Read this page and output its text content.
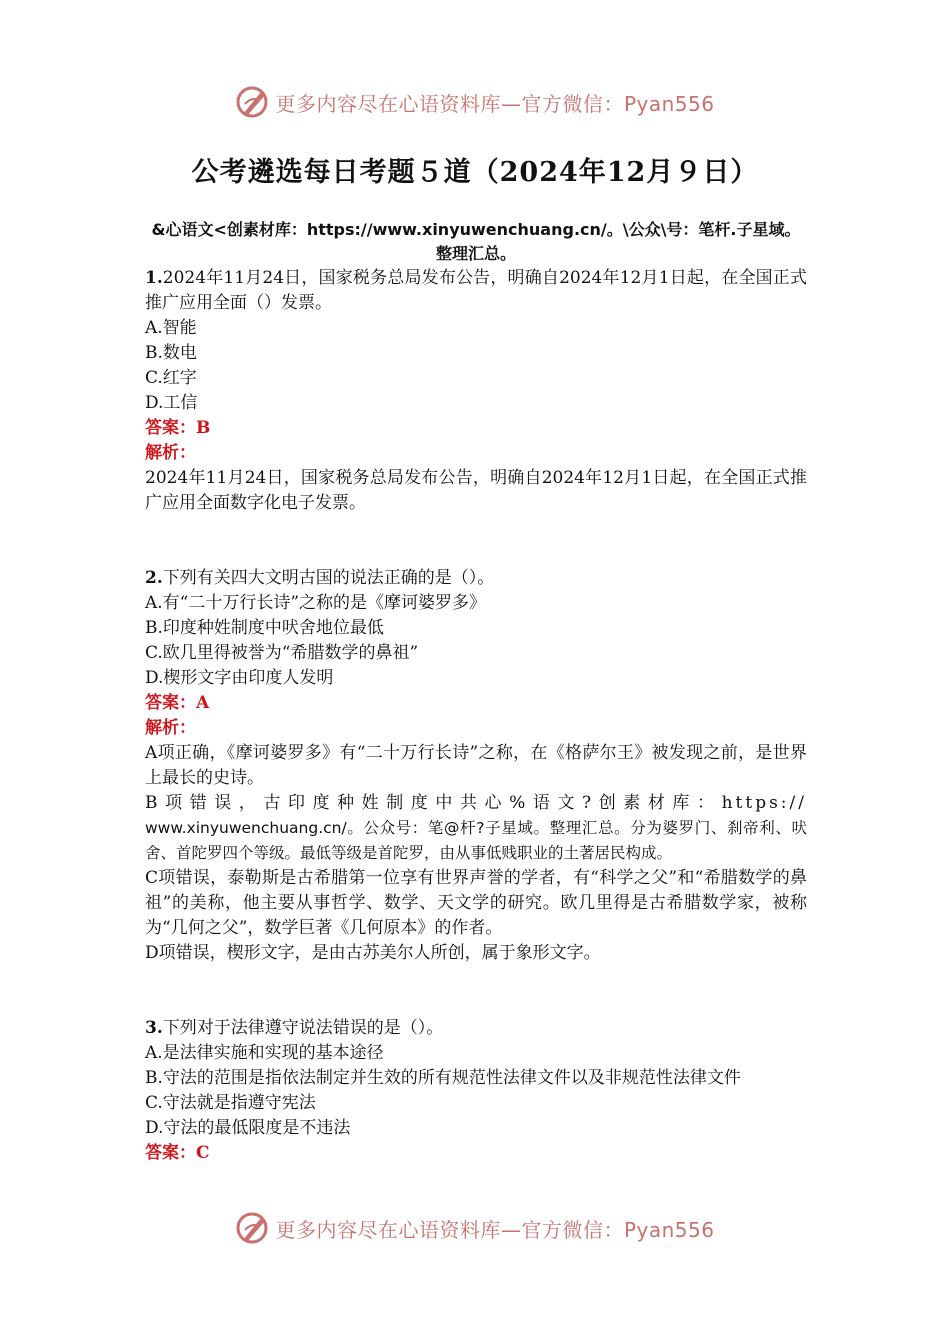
更多内容尽在心语资料库—官方微信：Pyan556
公考遴选每日考题５道（2024年12月９日）
&心语文<创素材库：https://www.xinyuwenchuang.cn/。\公众\号：笔杆.子星域。整理汇总。
1.2024年11月24日，国家税务总局发布公告，明确自2024年12月1日起，在全国正式推广应用全面（）发票。
A.智能
B.数电
C.红字
D.工信
答案：B
解析：
2024年11月24日，国家税务总局发布公告，明确自2024年12月1日起，在全国正式推广应用全面数字化电子发票。
2.下列有关四大文明古国的说法正确的是（）。
A.有“二十万行长诗”之称的是《摩诃婆罗多》
B.印度种姓制度中吠舍地位最低
C.欧几里得被誉为“希腊数学的鼻祖”
D.楔形文字由印度人发明
答案：A
解析：
A项正确，《摩诃婆罗多》有“二十万行长诗”之称，在《格萨尔王》被发现之前，是世界上最长的史诗。
B项错误，古印度种姓制度中共心%语文?创素材库：https://
www.xinyuwenchuang.cn/。公众号：笔@杆?子星域。整理汇总。分为婆罗门、刹帝利、吠舍、首陀罗四个等级。最低等级是首陀罗，由从事低贱职业的土著居民构成。
C项错误，泰勒斯是古希腊第一位享有世界声誉的学者，有“科学之父”和“希腊数学的鼻祖”的美称，他主要从事哲学、数学、天文学的研究。欧几里得是古希腊数学家，被称为“几何之父”，数学巨著《几何原本》的作者。
D项错误，楔形文字，是由古苏美尔人所创，属于象形文字。
3.下列对于法律遵守说法错误的是（）。
A.是法律实施和实现的基本途径
B.守法的范围是指依法制定并生效的所有规范性法律文件以及非规范性法律文件
C.守法就是指遵守宪法
D.守法的最低限度是不违法
答案：C
更多内容尽在心语资料库—官方微信：Pyan556
